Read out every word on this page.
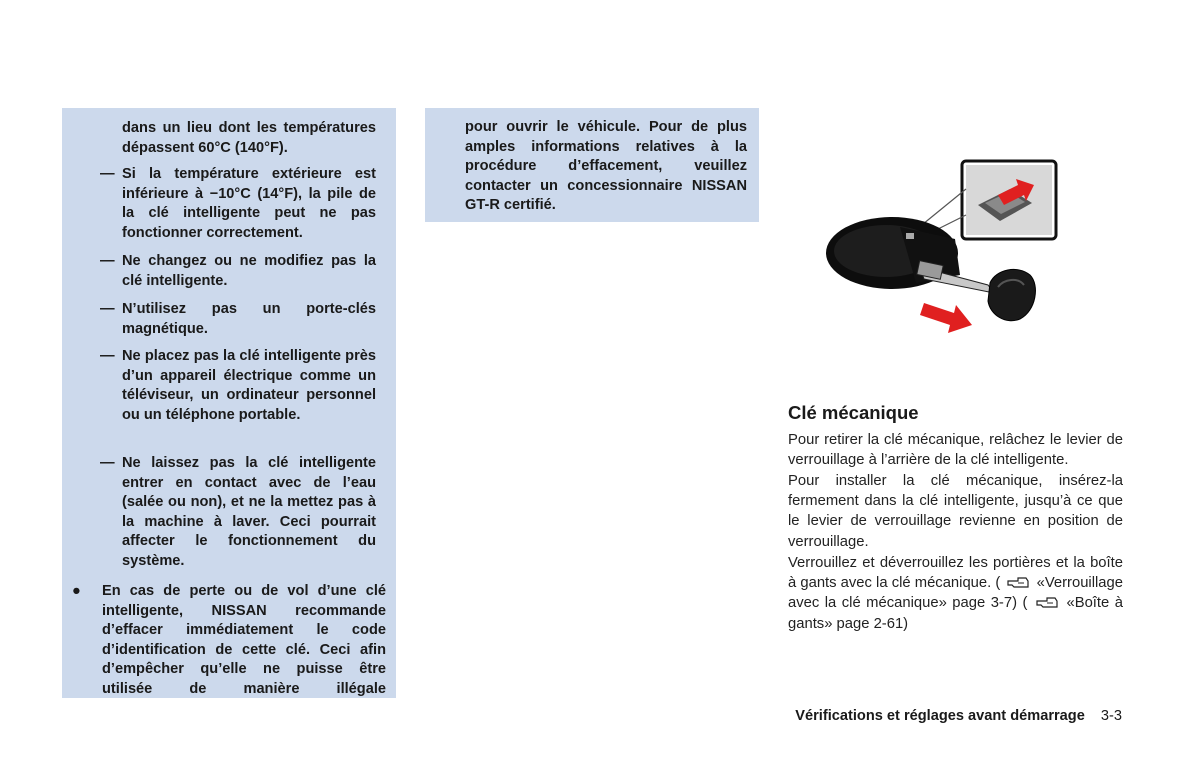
dans un lieu dont les températures dépassent 60°C (140°F).
— Si la température extérieure est inférieure à −10°C (14°F), la pile de la clé intelligente peut ne pas fonctionner correctement.
— Ne changez ou ne modifiez pas la clé intelligente.
— N’utilisez pas un porte-clés magnétique.
— Ne placez pas la clé intelligente près d’un appareil électrique comme un téléviseur, un ordinateur personnel ou un téléphone portable.
— Ne laissez pas la clé intelligente entrer en contact avec de l’eau (salée ou non), et ne la mettez pas à la machine à laver. Ceci pourrait affecter le fonctionnement du système.
● En cas de perte ou de vol d’une clé intelligente, NISSAN recommande d’effacer immédiatement le code d’identification de cette clé. Ceci afin d’empêcher qu’elle ne puisse être utilisée de manière illégale
pour ouvrir le véhicule. Pour de plus amples informations relatives à la procédure d’effacement, veuillez contacter un concessionnaire NISSAN GT-R certifié.
Clé mécanique
Pour retirer la clé mécanique, relâchez le levier de verrouillage à l’arrière de la clé intelligente.
Pour installer la clé mécanique, insérez-la fermement dans la clé intelligente, jusqu’à ce que le levier de verrouillage revienne en position de verrouillage.
Verrouillez et déverrouillez les portières et la boîte à gants avec la clé mécanique. ( «Verrouillage avec la clé mécanique» page 3-7) (	«Boîte à gants» page 2-61)
Vérifications et réglages avant démarrage 3-3
